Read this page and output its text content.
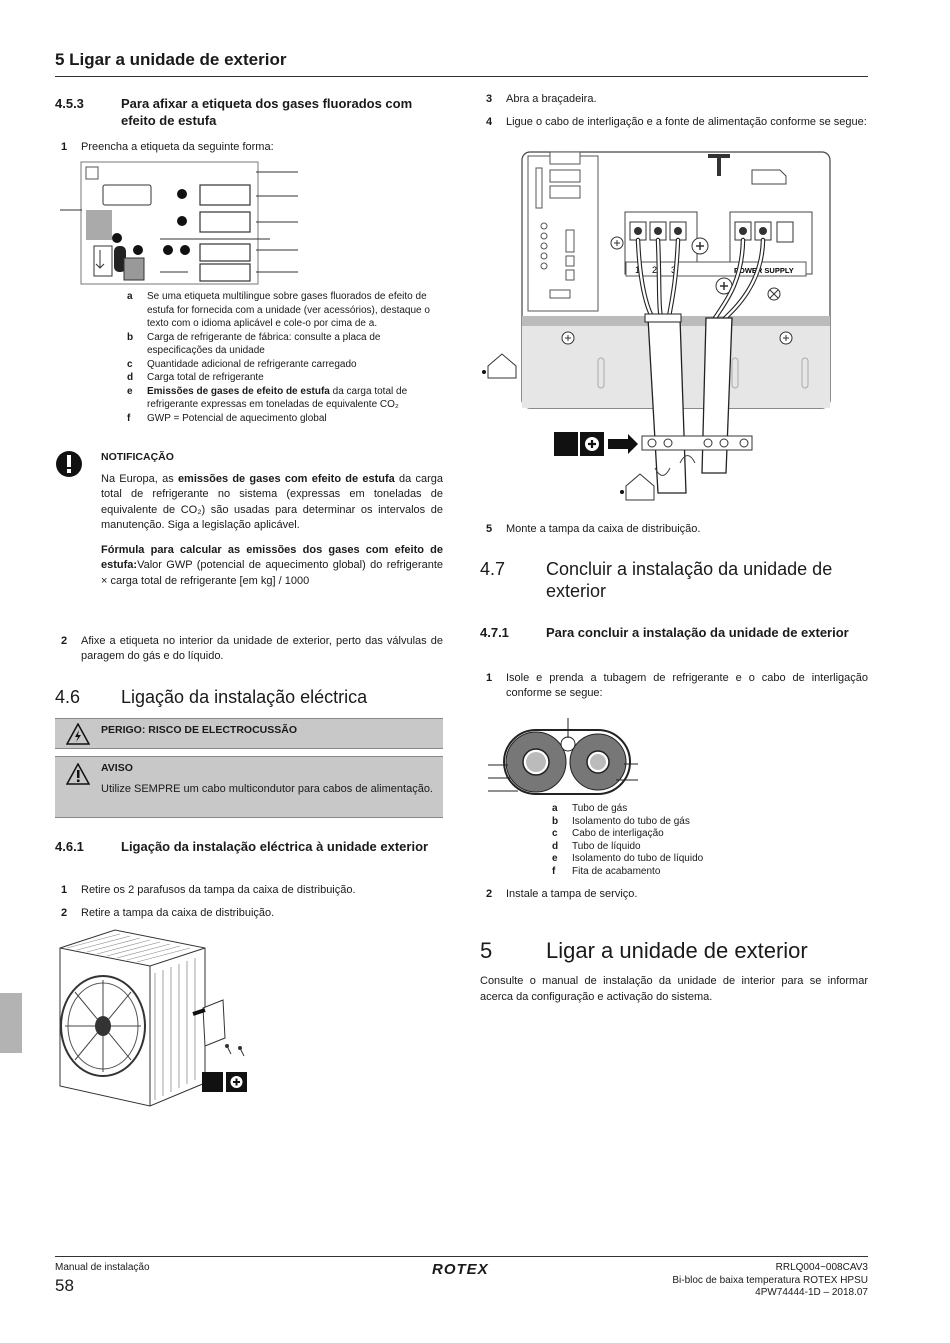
5 Ligar a unidade de exterior
4.5.3	Para afixar a etiqueta dos gases fluorados com efeito de estufa
1	Preencha a etiqueta da seguinte forma:
a	Se uma etiqueta multilingue sobre gases fluorados de efeito de estufa for fornecida com a unidade (ver acessórios), destaque o texto com o idioma aplicável e cole-o por cima de a.
b	Carga de refrigerante de fábrica: consulte a placa de especificações da unidade
c	Quantidade adicional de refrigerante carregado
d	Carga total de refrigerante
e	Emissões de gases de efeito de estufa da carga total de refrigerante expressas em toneladas de equivalente CO₂
f	GWP = Potencial de aquecimento global
NOTIFICAÇÃO

Na Europa, as emissões de gases com efeito de estufa da carga total de refrigerante no sistema (expressas em toneladas de equivalente de CO₂) são usadas para determinar os intervalos de manutenção. Siga a legislação aplicável.

Fórmula para calcular as emissões dos gases com efeito de estufa:Valor GWP (potencial de aquecimento global) do refrigerante × carga total de refrigerante [em kg] / 1000

2	Afixe a etiqueta no interior da unidade de exterior, perto das válvulas de paragem do gás e do líquido.
4.6	Ligação da instalação eléctrica
PERIGO: RISCO DE ELECTROCUSSÃO
AVISO
Utilize SEMPRE um cabo multicondutor para cabos de alimentação.
4.6.1	Ligação da instalação eléctrica à unidade exterior
1	Retire os 2 parafusos da tampa da caixa de distribuição.
2	Retire a tampa da caixa de distribuição.
3	Abra a braçadeira.
4	Ligue o cabo de interligação e a fonte de alimentação conforme se segue:
1 2 3	POWER SUPPLY
5	Monte a tampa da caixa de distribuição.
4.7	Concluir a instalação da unidade de exterior
4.7.1	Para concluir a instalação da unidade de exterior
1	Isole e prenda a tubagem de refrigerante e o cabo de interligação conforme se segue:
a	Tubo de gás
b	Isolamento do tubo de gás
c	Cabo de interligação
d	Tubo de líquido
e	Isolamento do tubo de líquido
f	Fita de acabamento
2	Instale a tampa de serviço.
5	Ligar a unidade de exterior
Consulte o manual de instalação da unidade de interior para se informar acerca da configuração e activação do sistema.
Manual de instalação
58
ROTEX	RRLQ004~008CAV3
Bi-bloc de baixa temperatura ROTEX HPSU
4PW74444-1D – 2018.07
